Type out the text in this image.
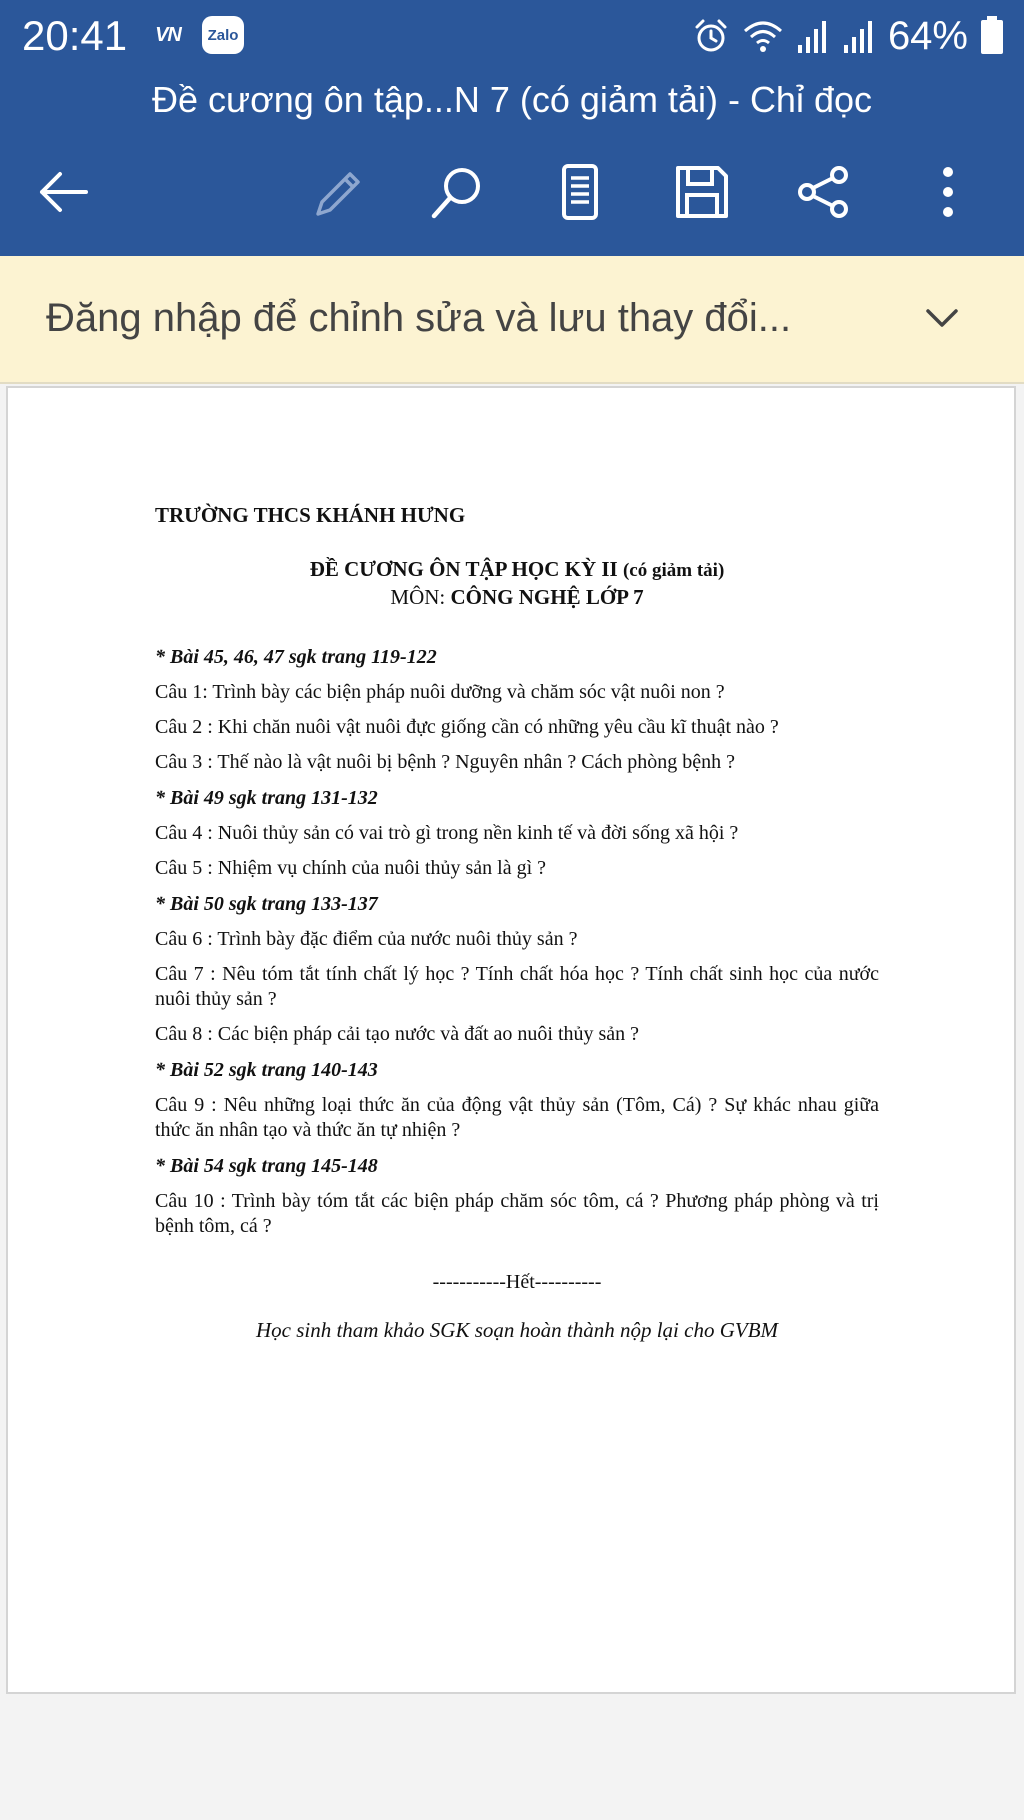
20:41 VN Zalo	64%
Đề cương ôn tập...N 7 (có giảm tải) - Chỉ đọc
Đăng nhập để chỉnh sửa và lưu thay đổi...
TRƯỜNG THCS KHÁNH HƯNG
ĐỀ CƯƠNG ÔN TẬP HỌC KỲ II (có giảm tải)
MÔN: CÔNG NGHỆ LỚP 7
* Bài 45, 46, 47 sgk trang 119-122
Câu 1: Trình bày các biện pháp nuôi dưỡng và chăm sóc vật nuôi non ?
Câu 2 : Khi chăn nuôi vật nuôi đực giống cần có những yêu cầu kĩ thuật nào ?
Câu 3 : Thế nào là vật nuôi bị bệnh ? Nguyên nhân ? Cách phòng bệnh ?
* Bài 49 sgk trang 131-132
Câu 4 : Nuôi thủy sản có vai trò gì trong nền kinh tế và đời sống xã hội ?
Câu 5 : Nhiệm vụ chính của nuôi thủy sản là gì ?
* Bài 50 sgk trang 133-137
Câu 6 : Trình bày đặc điểm của nước nuôi thủy sản ?
Câu 7 : Nêu tóm tắt tính chất lý học ? Tính chất hóa học ? Tính chất sinh học của nước nuôi thủy sản ?
Câu 8 : Các biện pháp cải tạo nước và đất ao nuôi thủy sản ?
* Bài 52 sgk trang 140-143
Câu 9 : Nêu những loại thức ăn của động vật thủy sản (Tôm, Cá) ? Sự khác nhau giữa thức ăn nhân tạo và thức ăn tự nhiện ?
* Bài 54 sgk trang 145-148
Câu 10 : Trình bày tóm tắt các biện pháp chăm sóc tôm, cá ? Phương pháp phòng và trị bệnh tôm, cá ?
-----------Hết----------
Học sinh tham khảo SGK soạn hoàn thành nộp lại cho GVBM
